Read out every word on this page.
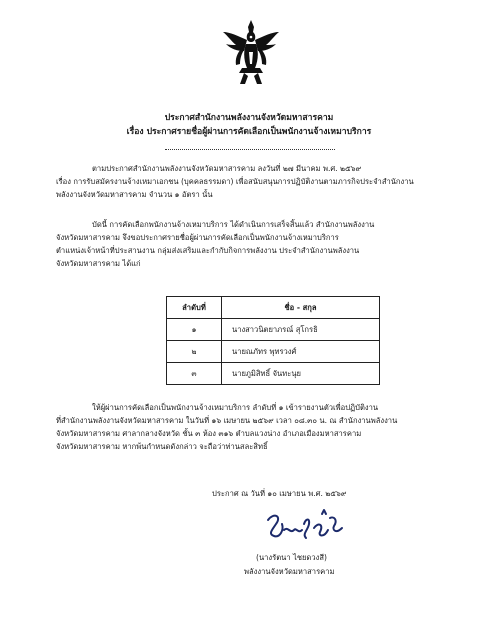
ประกาศสำนักงานพลังงานจังหวัดมหาสารคาม
เรื่อง ประกาศรายชื่อผู้ผ่านการคัดเลือกเป็นพนักงานจ้างเหมาบริการ
ตามประกาศสำนักงานพลังงานจังหวัดมหาสารคาม ลงวันที่ ๒๗ มีนาคม พ.ศ. ๒๕๖๙
เรื่อง การรับสมัครงานจ้างเหมาเอกชน (บุคคลธรรมดา) เพื่อสนับสนุนการปฏิบัติงานตามภารกิจประจำสำนักงาน
พลังงานจังหวัดมหาสารคาม จำนวน ๑ อัตรา นั้น
บัดนี้ การคัดเลือกพนักงานจ้างเหมาบริการ ได้ดำเนินการเสร็จสิ้นแล้ว สำนักงานพลังงาน
จังหวัดมหาสารคาม จึงขอประกาศรายชื่อผู้ผ่านการคัดเลือกเป็นพนักงานจ้างเหมาบริการ
ตำแหน่งเจ้าหน้าที่ประสานงาน กลุ่มส่งเสริมและกำกับกิจการพลังงาน ประจำสำนักงานพลังงาน
จังหวัดมหาสารคาม ได้แก่
ลำดับที่	ชื่อ - สกุล
๑	นางสาวนิตยาภรณ์ สุโกรธิ
๒	นายณภัทร พุทรวงศ์
๓	นายภูมิสิทธิ์ จันทะนุย
ให้ผู้ผ่านการคัดเลือกเป็นพนักงานจ้างเหมาบริการ ลำดับที่ ๑ เข้ารายงานตัวเพื่อปฏิบัติงาน
ที่สำนักงานพลังงานจังหวัดมหาสารคาม ในวันที่ ๑๖ เมษายน ๒๕๖๙ เวลา ๐๘.๓๐ น. ณ สำนักงานพลังงาน
จังหวัดมหาสารคาม ศาลากลางจังหวัด ชั้น ๓ ห้อง ๓๑๖ ตำบลแวงน่าง อำเภอเมืองมหาสารคาม
จังหวัดมหาสารคาม หากพ้นกำหนดดังกล่าว จะถือว่าท่านสละสิทธิ์
ประกาศ ณ วันที่ ๑๐ เมษายน พ.ศ. ๒๕๖๙
(นางรัตนา ไชยดวงสี)
พลังงานจังหวัดมหาสารคาม
